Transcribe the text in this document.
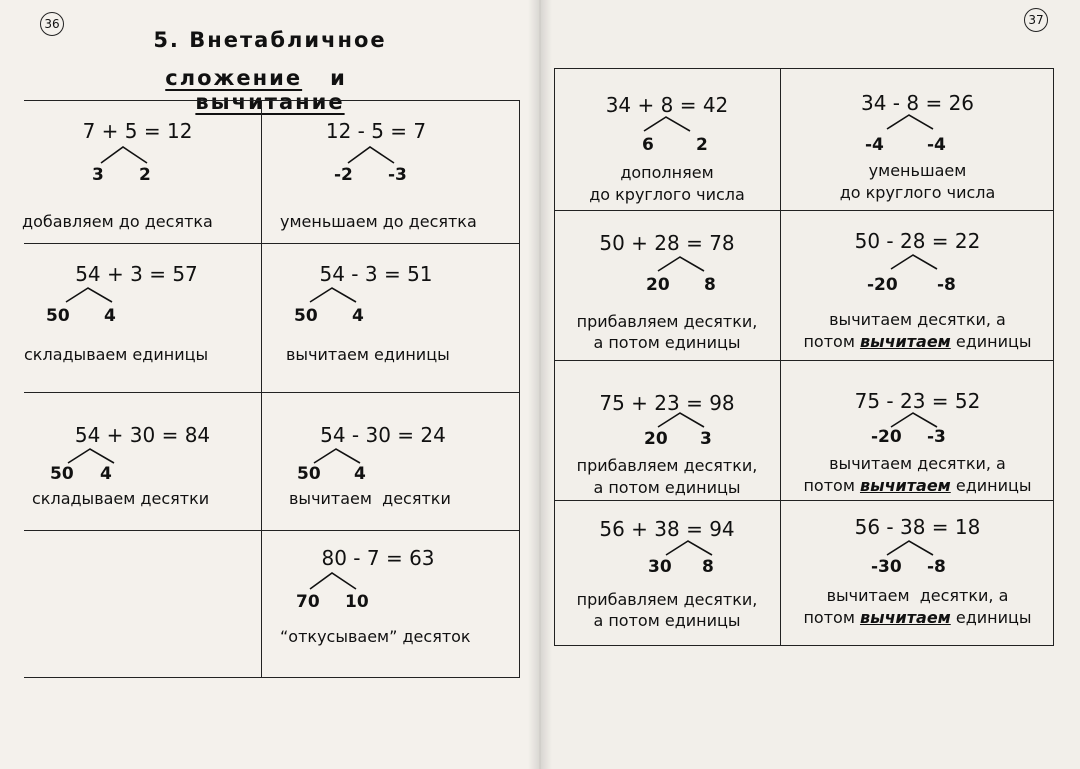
36
5. Внетабличное
сложение и    вычитание
7 + 5 = 12
3 2
добавляем до десятка
12 - 5 = 7
-2 -3
уменьшаем до десятка
54 + 3 = 57
50 4
складываем единицы
54 - 3 = 51
50 4
вычитаем единицы
54 + 30 = 84
50 4
складываем десятки
54 - 30 = 24
50 4
вычитаем  десятки
80 - 7 = 63
70 10
“откусываем” десяток
37
34 + 8 = 42
6 2
дополняем
до круглого числа
34 - 8 = 26
-4	-4
уменьшаем
до круглого числа
50 + 28 = 78
20 8
прибавляем десятки,
а потом единицы
50 - 28 = 22
-20 -8
вычитаем десятки, а
потом вычитаем единицы
75 + 23 = 98
20 3
прибавляем десятки,
а потом единицы
75 - 23 = 52
-20 -3
вычитаем десятки, а
потом вычитаем единицы
56 + 38 = 94
30 8
прибавляем десятки,
а потом единицы
56 - 38 = 18
-30 -8
вычитаем  десятки, а
потом вычитаем единицы
